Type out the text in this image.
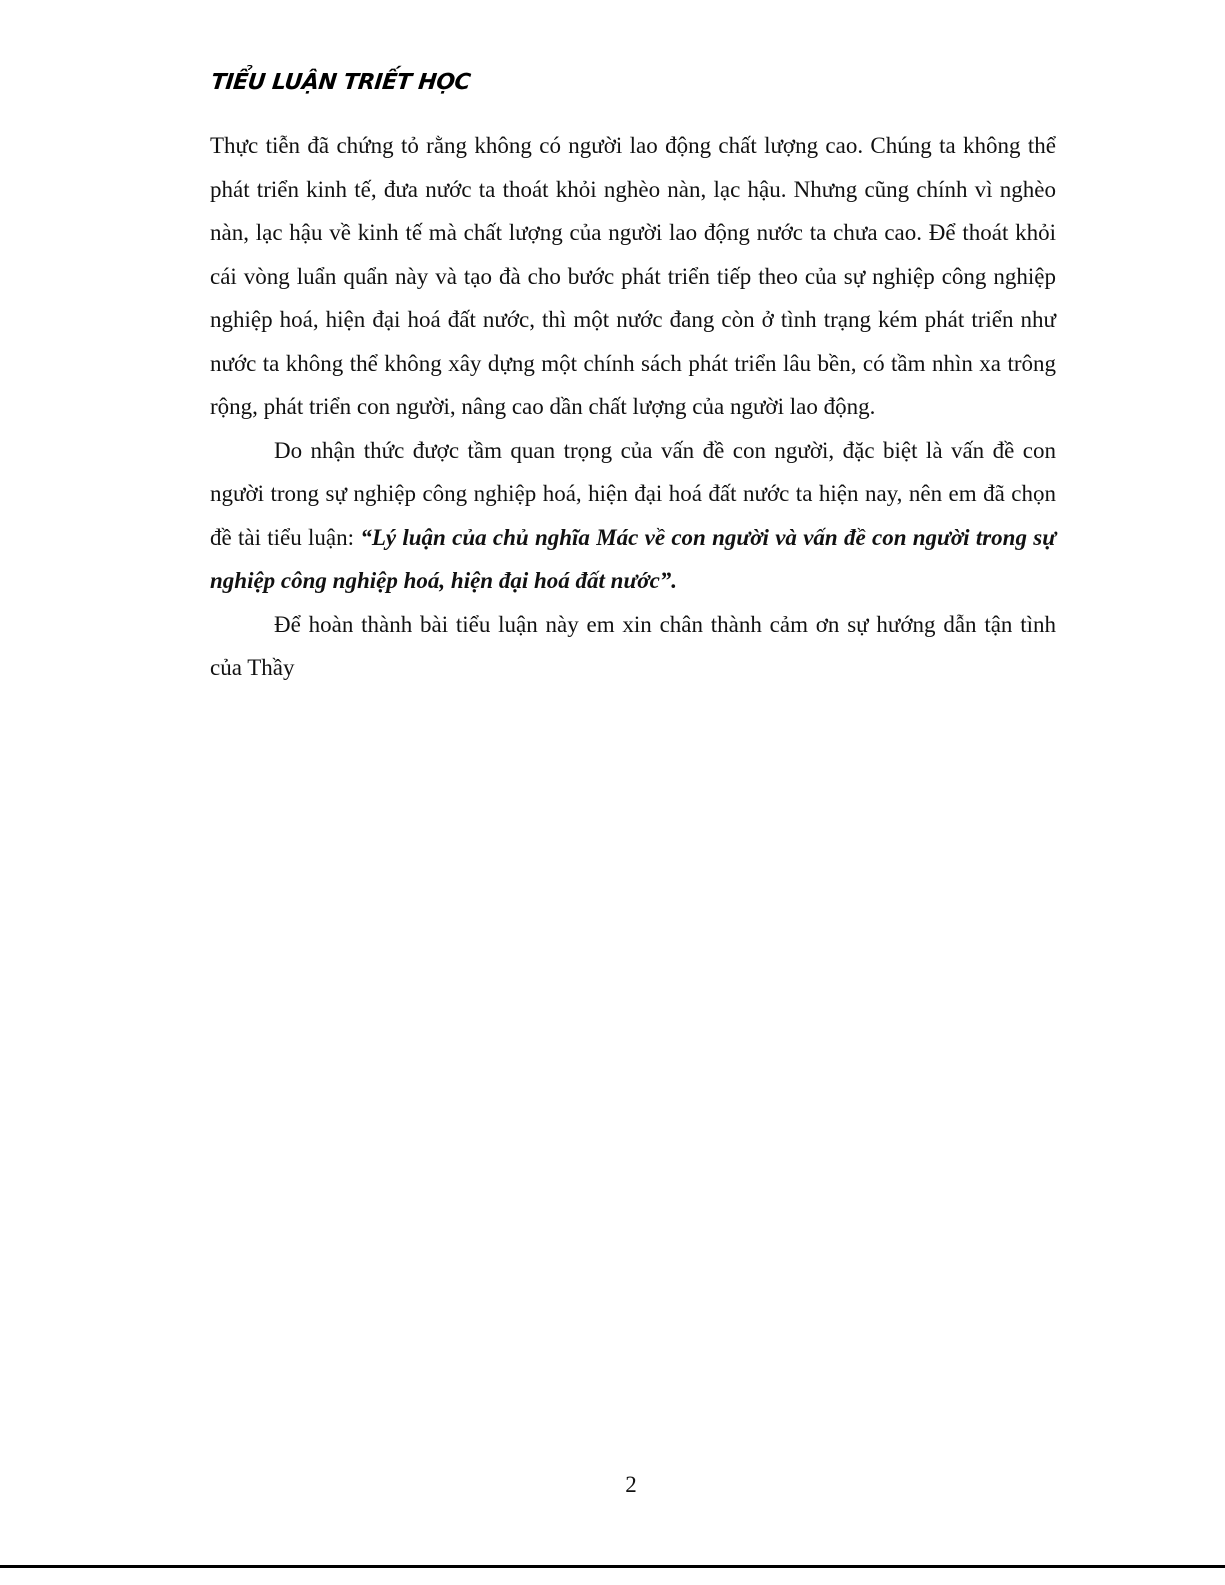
TIỂU LUẬN TRIẾT HỌC

Thực tiễn đã chứng tỏ rằng không có người lao động chất lượng cao. Chúng ta không thể phát triển kinh tế, đưa nước ta thoát khỏi nghèo nàn, lạc hậu. Nhưng cũng chính vì nghèo nàn, lạc hậu về kinh tế mà chất lượng của người lao động nước ta chưa cao. Để thoát khỏi cái vòng luẩn quẩn này và tạo đà cho bước phát triển tiếp theo của sự nghiệp công nghiệp nghiệp hoá, hiện đại hoá đất nước, thì một nước đang còn ở tình trạng kém phát triển như nước ta không thể không xây dựng một chính sách phát triển lâu bền, có tầm nhìn xa trông rộng, phát triển con người, nâng cao dần chất lượng của người lao động.

Do nhận thức được tầm quan trọng của vấn đề con người, đặc biệt là vấn đề con người trong sự nghiệp công nghiệp hoá, hiện đại hoá đất nước ta hiện nay, nên em đã chọn đề tài tiểu luận: “Lý luận của chủ nghĩa Mác về con người và vấn đề con người trong sự nghiệp công nghiệp hoá, hiện đại hoá đất nước”.

Để hoàn thành bài tiểu luận này em xin chân thành cảm ơn sự hướng dẫn tận tình của Thầy

2
